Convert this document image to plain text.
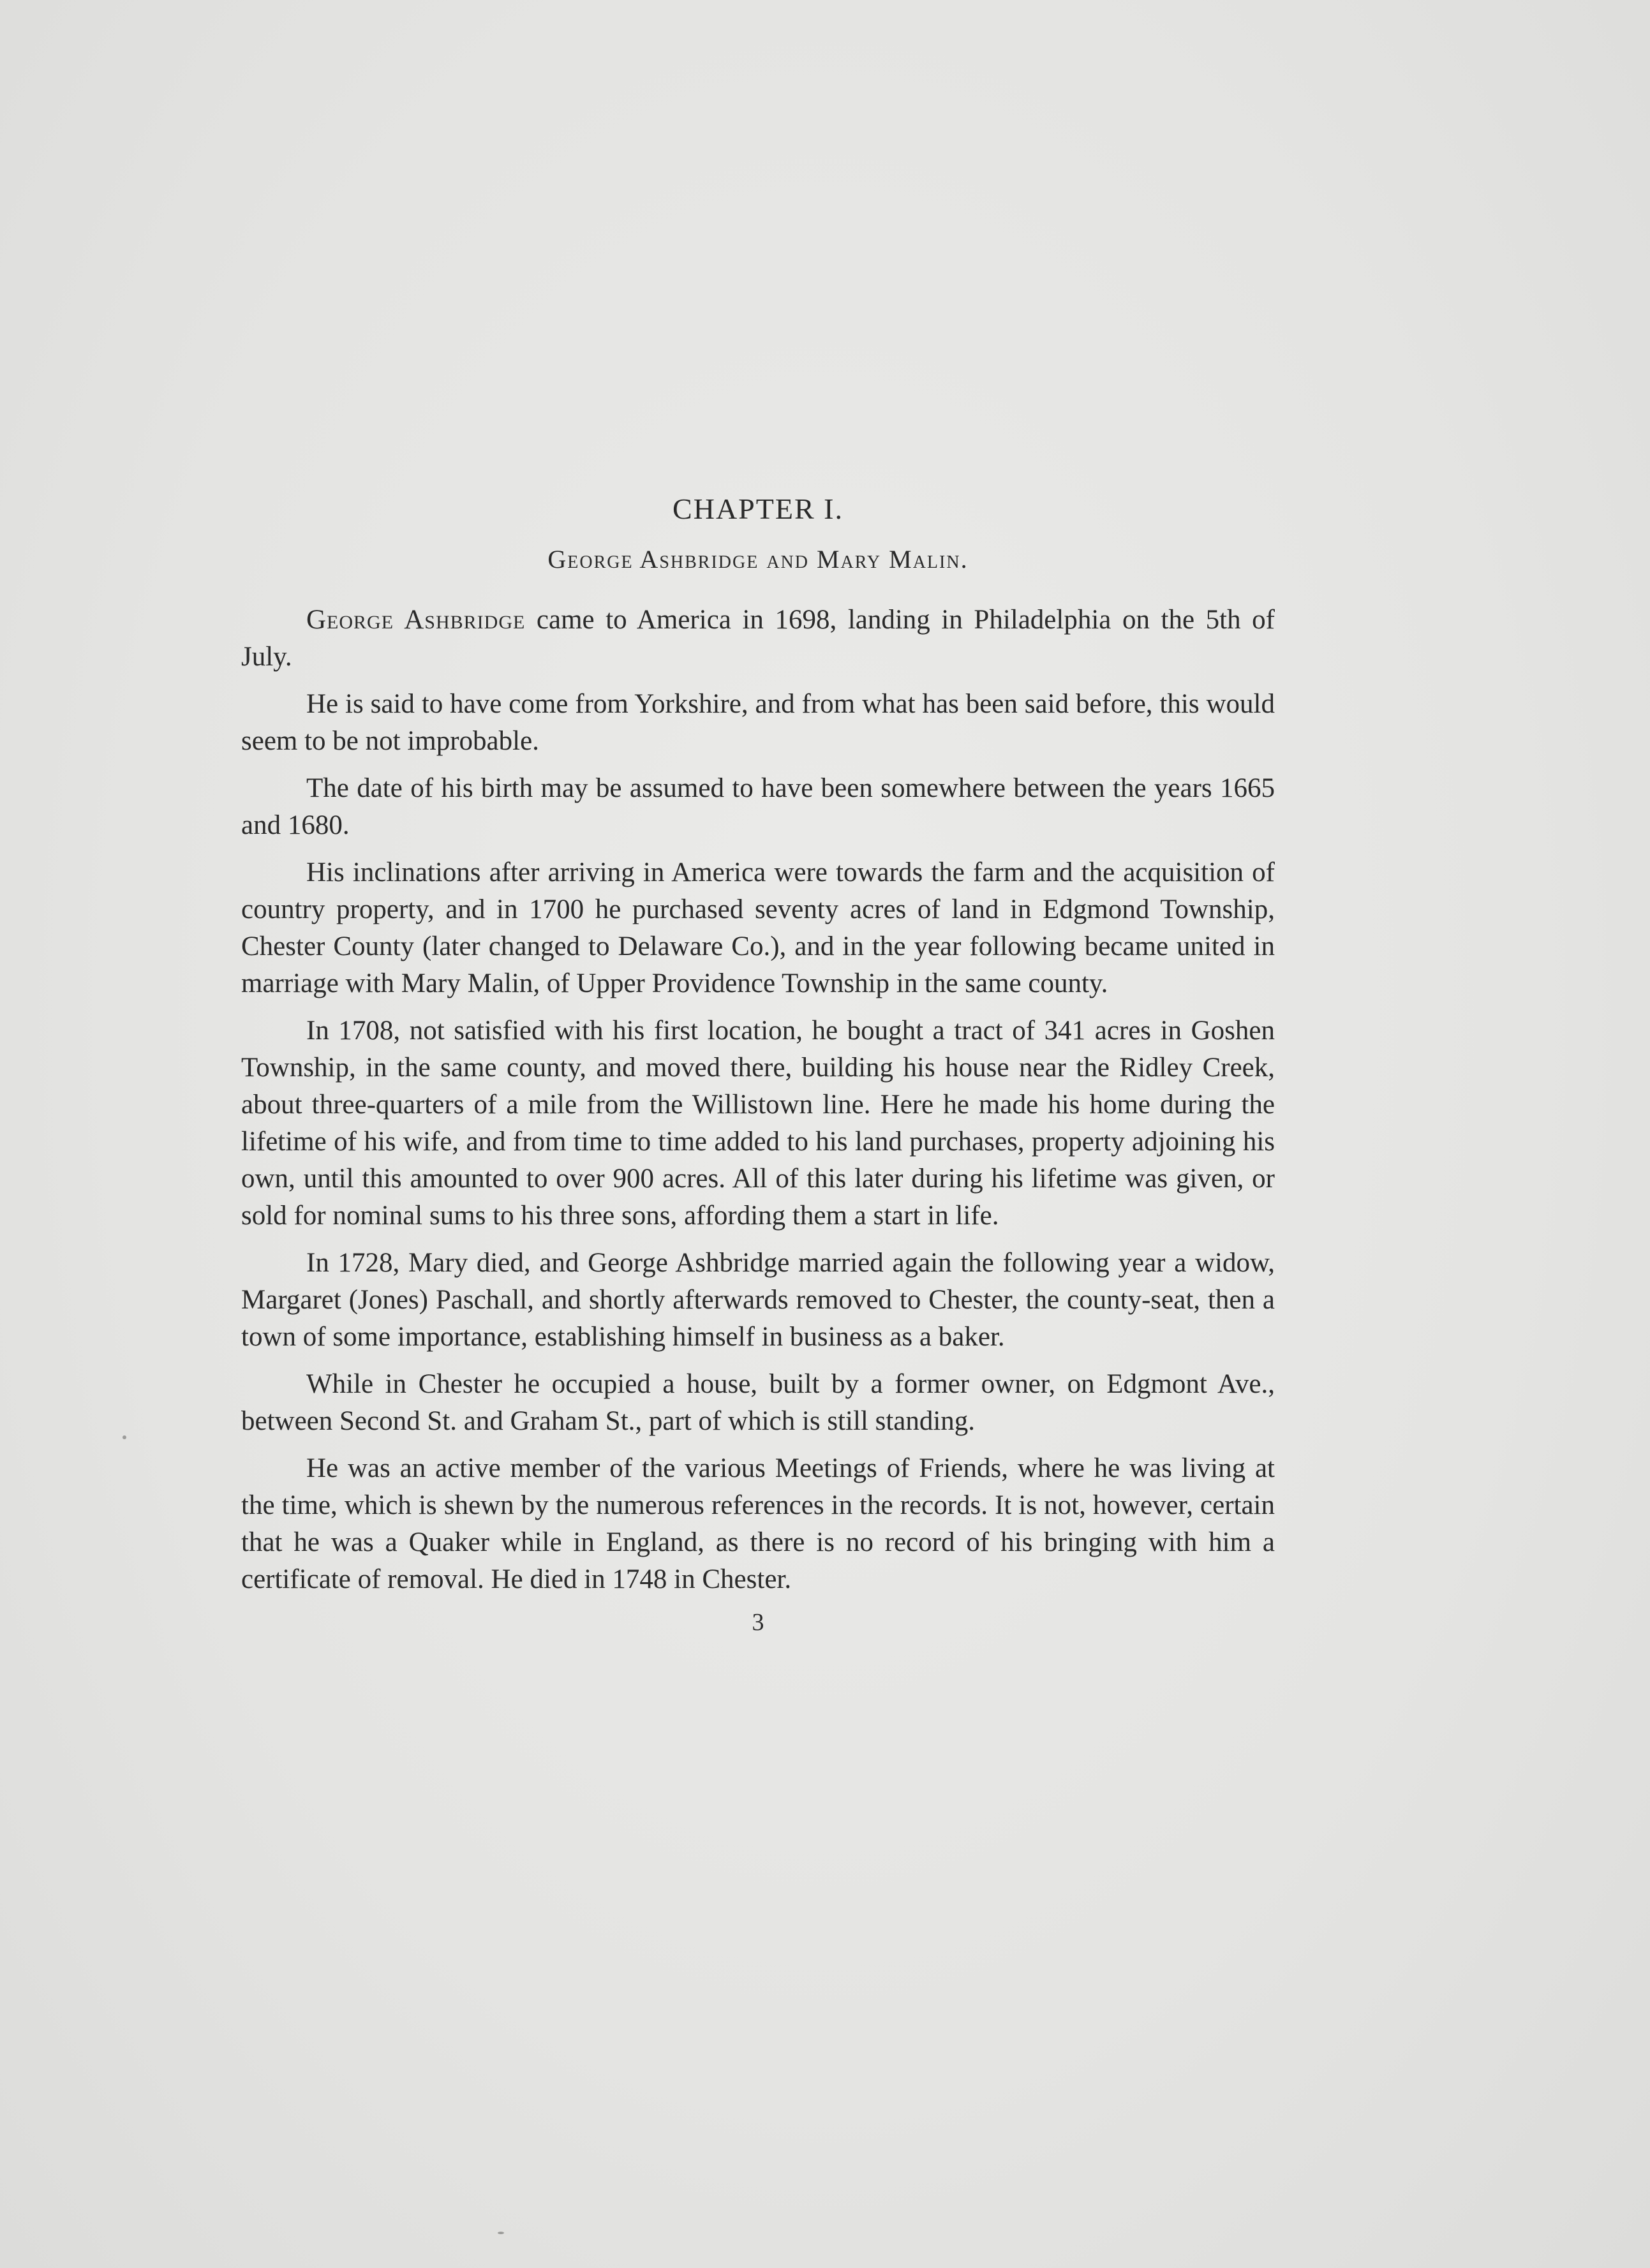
CHAPTER I.
George Ashbridge and Mary Malin.

George Ashbridge came to America in 1698, landing in Philadelphia on the 5th of July.

He is said to have come from Yorkshire, and from what has been said before, this would seem to be not improbable.

The date of his birth may be assumed to have been somewhere between the years 1665 and 1680.

His inclinations after arriving in America were towards the farm and the acquisition of country property, and in 1700 he purchased seventy acres of land in Edgmond Township, Chester County (later changed to Delaware Co.), and in the year following became united in marriage with Mary Malin, of Upper Providence Township in the same county.

In 1708, not satisfied with his first location, he bought a tract of 341 acres in Goshen Township, in the same county, and moved there, building his house near the Ridley Creek, about three-quarters of a mile from the Willistown line. Here he made his home during the lifetime of his wife, and from time to time added to his land purchases, property adjoining his own, until this amounted to over 900 acres. All of this later during his lifetime was given, or sold for nominal sums to his three sons, affording them a start in life.

In 1728, Mary died, and George Ashbridge married again the following year a widow, Margaret (Jones) Paschall, and shortly afterwards removed to Chester, the county-seat, then a town of some importance, establishing himself in business as a baker.

While in Chester he occupied a house, built by a former owner, on Edgmont Ave., between Second St. and Graham St., part of which is still standing.

He was an active member of the various Meetings of Friends, where he was living at the time, which is shewn by the numerous references in the records. It is not, however, certain that he was a Quaker while in England, as there is no record of his bringing with him a certificate of removal. He died in 1748 in Chester.

3
